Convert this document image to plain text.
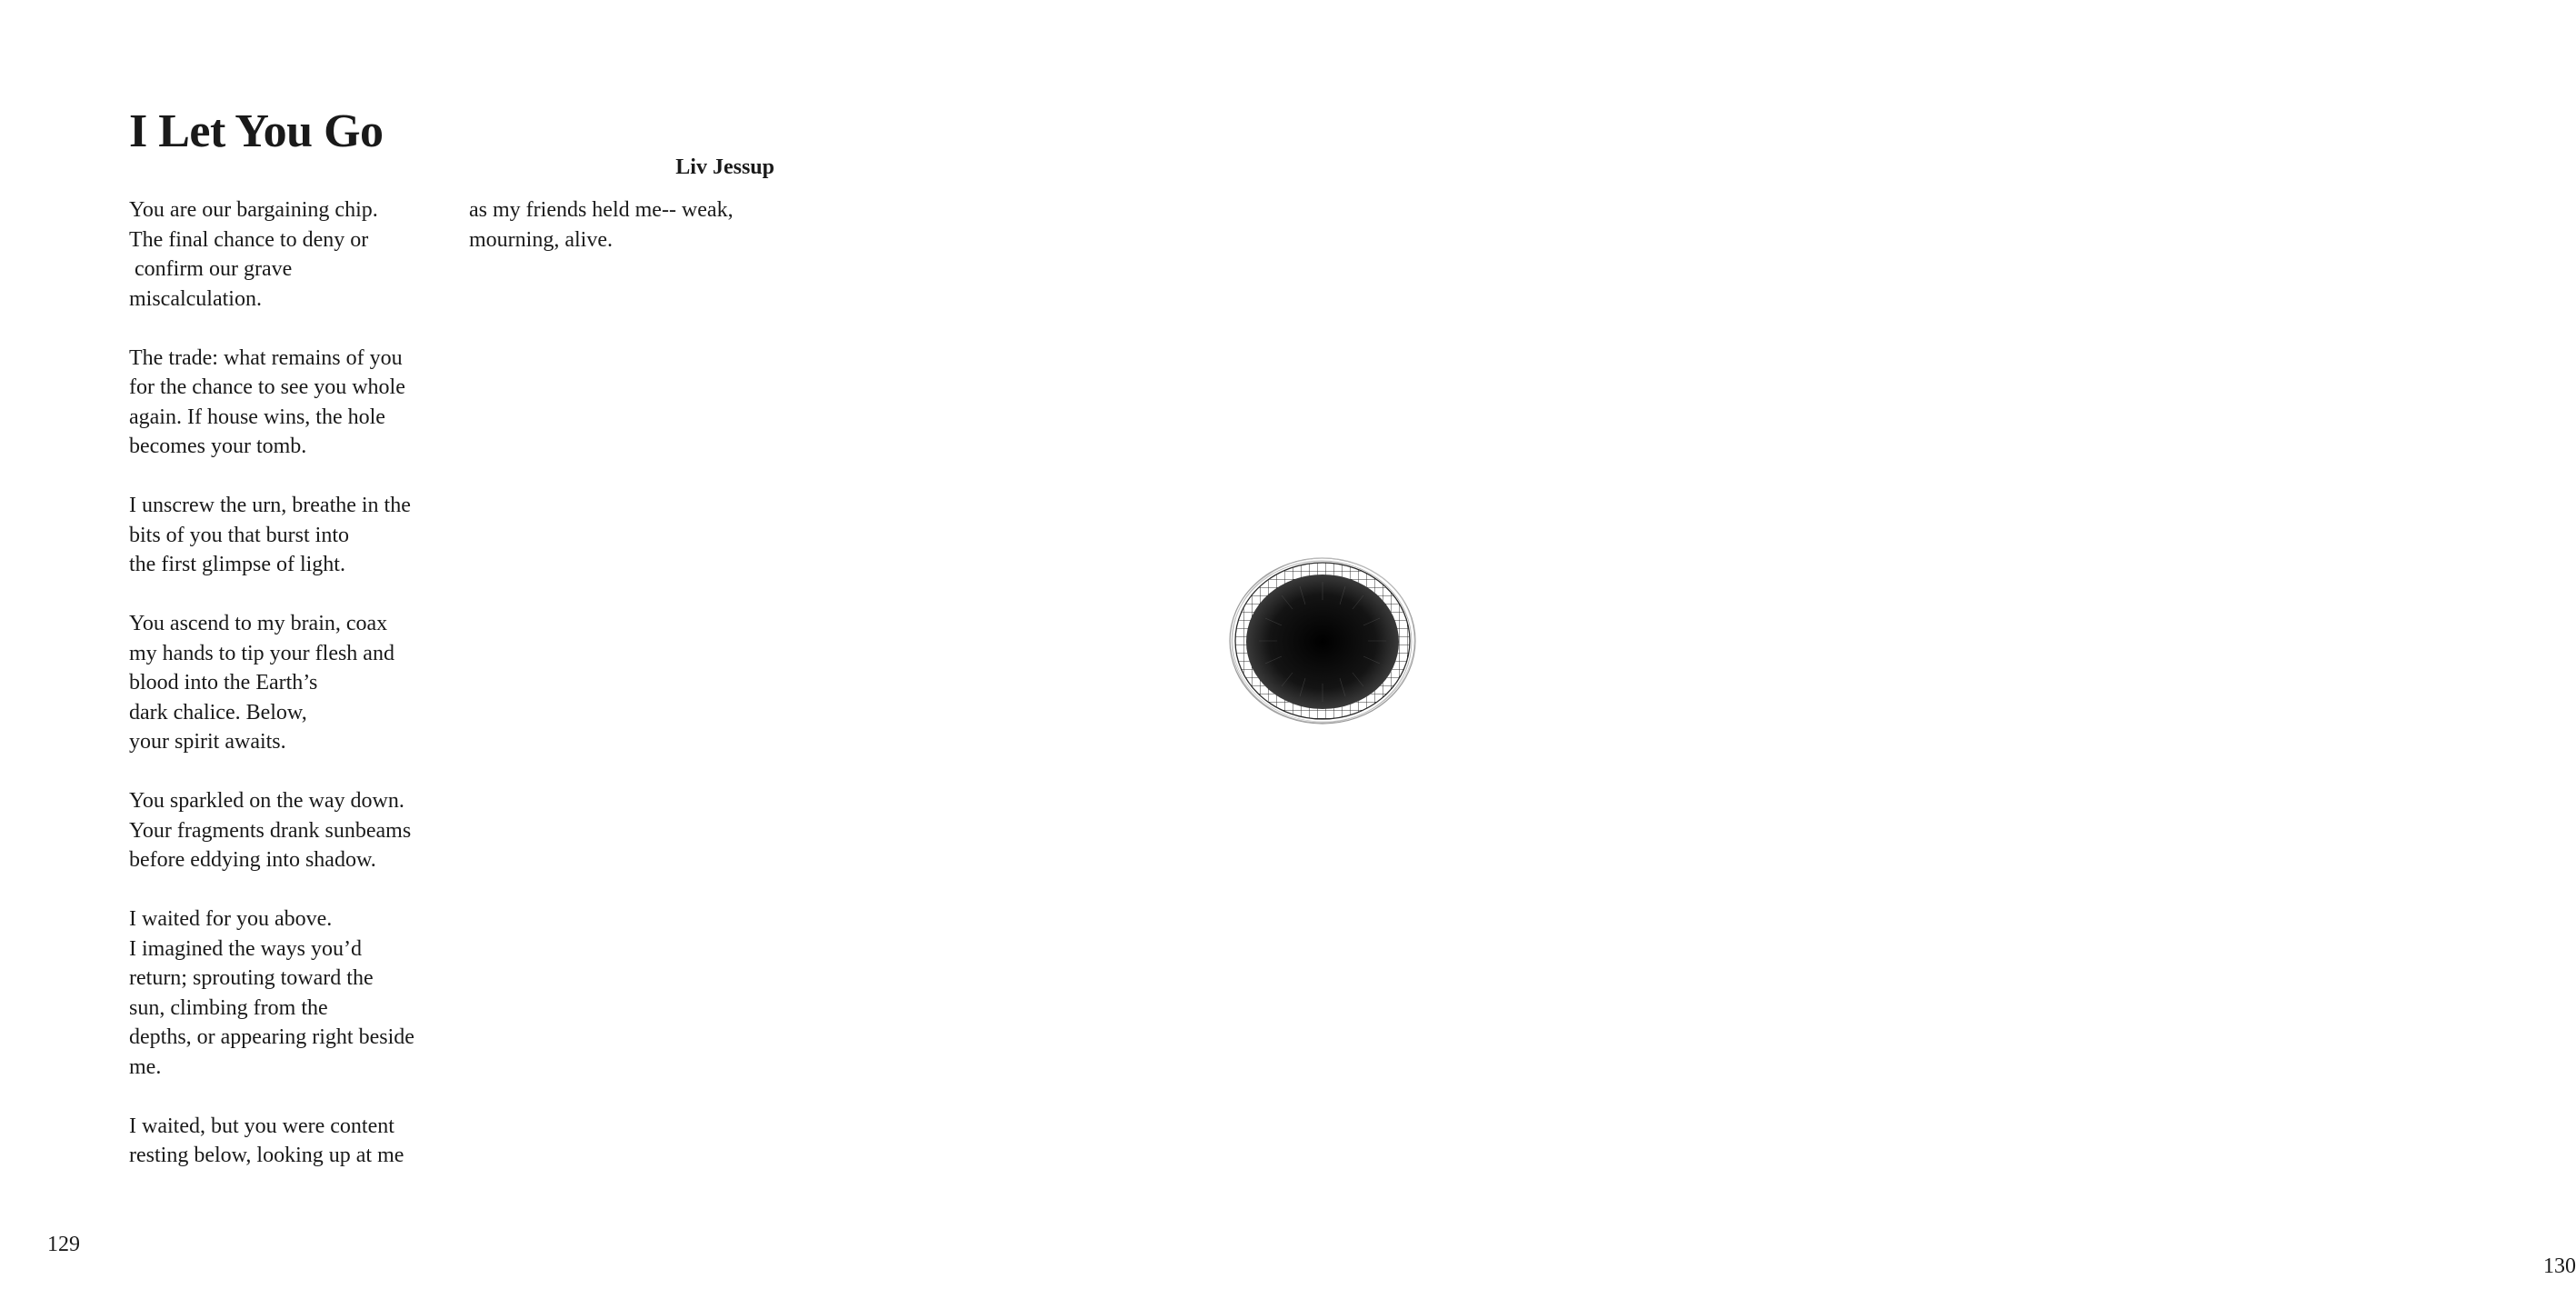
I Let You Go
Liv Jessup

You are our bargaining chip.
The final chance to deny or
confirm our grave
miscalculation.

The trade: what remains of you
for the chance to see you whole
again. If house wins, the hole
becomes your tomb.

I unscrew the urn, breathe in the
bits of you that burst into
the first glimpse of light.

You ascend to my brain, coax
my hands to tip your flesh and
blood into the Earth’s
dark chalice. Below,
your spirit awaits.

You sparkled on the way down.
Your fragments drank sunbeams
before eddying into shadow.

I waited for you above.
I imagined the ways you’d
return; sprouting toward the
sun, climbing from the
depths, or appearing right beside
me.

I waited, but you were content
resting below, looking up at me

as my friends held me-- weak,
mourning, alive.

129
130
